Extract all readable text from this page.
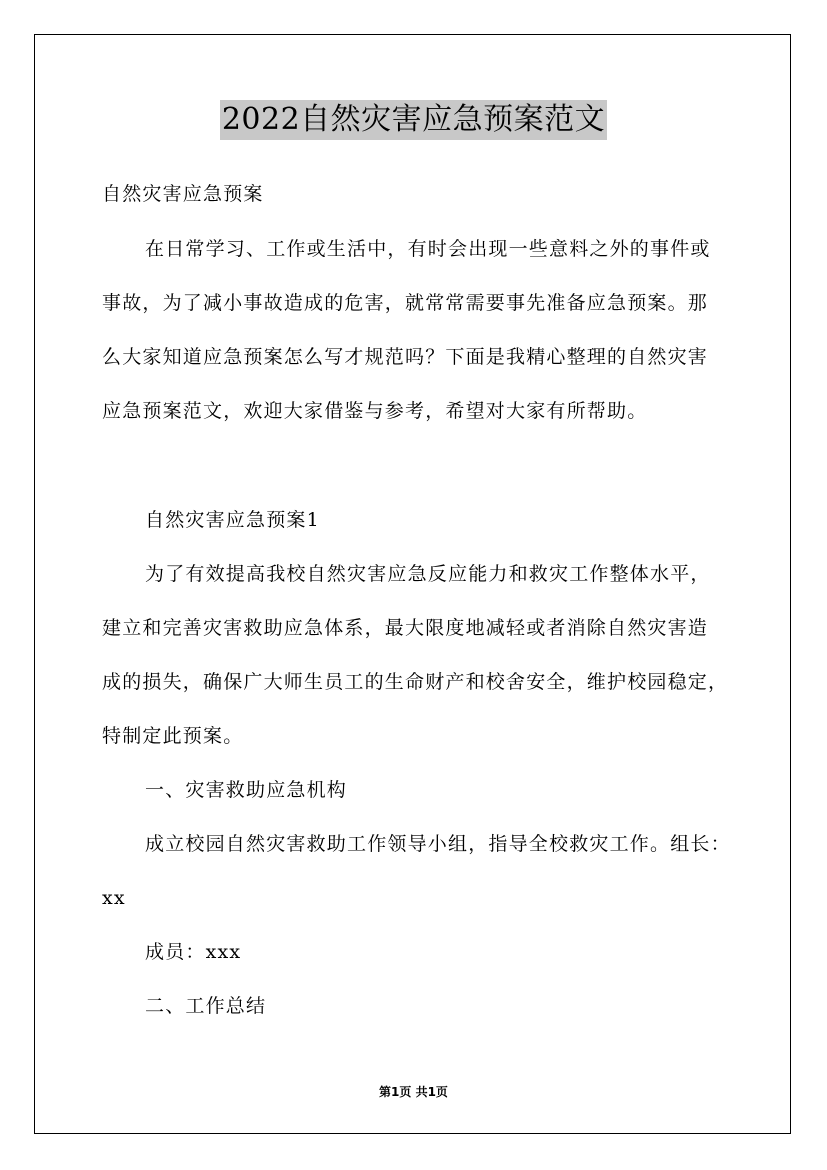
2022自然灾害应急预案范文
自然灾害应急预案
在日常学习、工作或生活中，有时会出现一些意料之外的事件或
事故，为了减小事故造成的危害，就常常需要事先准备应急预案。那
么大家知道应急预案怎么写才规范吗？下面是我精心整理的自然灾害
应急预案范文，欢迎大家借鉴与参考，希望对大家有所帮助。
自然灾害应急预案1
为了有效提高我校自然灾害应急反应能力和救灾工作整体水平，
建立和完善灾害救助应急体系，最大限度地减轻或者消除自然灾害造
成的损失，确保广大师生员工的生命财产和校舍安全，维护校园稳定，
特制定此预案。
一、灾害救助应急机构
成立校园自然灾害救助工作领导小组，指导全校救灾工作。组长：
xx
成员：xxx
二、工作总结
第1页 共1页
